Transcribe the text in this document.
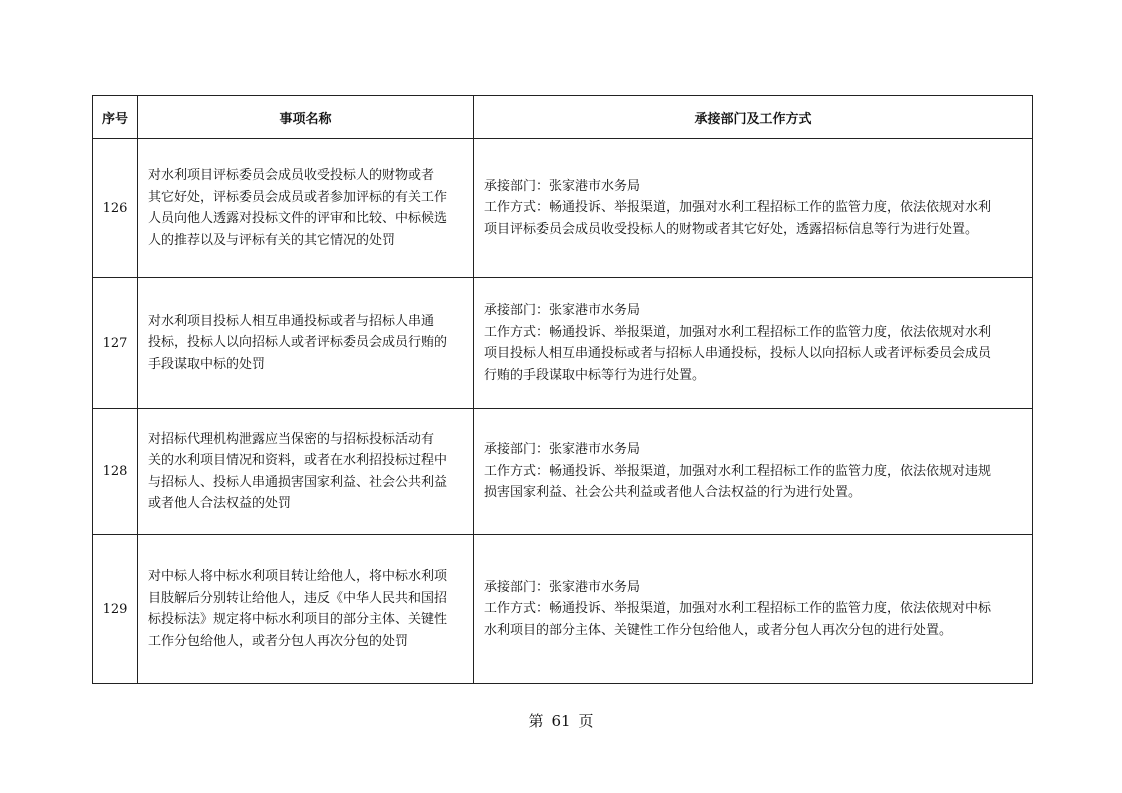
序号	事项名称	承接部门及工作方式
126	对水利项目评标委员会成员收受投标人的财物或者
其它好处，评标委员会成员或者参加评标的有关工作
人员向他人透露对投标文件的评审和比较、中标候选
人的推荐以及与评标有关的其它情况的处罚	承接部门：张家港市水务局
工作方式：畅通投诉、举报渠道，加强对水利工程招标工作的监管力度，依法依规对水利
项目评标委员会成员收受投标人的财物或者其它好处，透露招标信息等行为进行处置。

127	对水利项目投标人相互串通投标或者与招标人串通
投标，投标人以向招标人或者评标委员会成员行贿的
手段谋取中标的处罚	承接部门：张家港市水务局
工作方式：畅通投诉、举报渠道，加强对水利工程招标工作的监管力度，依法依规对水利
项目投标人相互串通投标或者与招标人串通投标，投标人以向招标人或者评标委员会成员
行贿的手段谋取中标等行为进行处置。

128	对招标代理机构泄露应当保密的与招标投标活动有
关的水利项目情况和资料，或者在水利招投标过程中
与招标人、投标人串通损害国家利益、社会公共利益
或者他人合法权益的处罚	承接部门：张家港市水务局
工作方式：畅通投诉、举报渠道，加强对水利工程招标工作的监管力度，依法依规对违规
损害国家利益、社会公共利益或者他人合法权益的行为进行处置。

129	对中标人将中标水利项目转让给他人，将中标水利项
目肢解后分别转让给他人，违反《中华人民共和国招
标投标法》规定将中标水利项目的部分主体、关键性
工作分包给他人，或者分包人再次分包的处罚	承接部门：张家港市水务局
工作方式：畅通投诉、举报渠道，加强对水利工程招标工作的监管力度，依法依规对中标
水利项目的部分主体、关键性工作分包给他人，或者分包人再次分包的进行处置。
第 61 页
